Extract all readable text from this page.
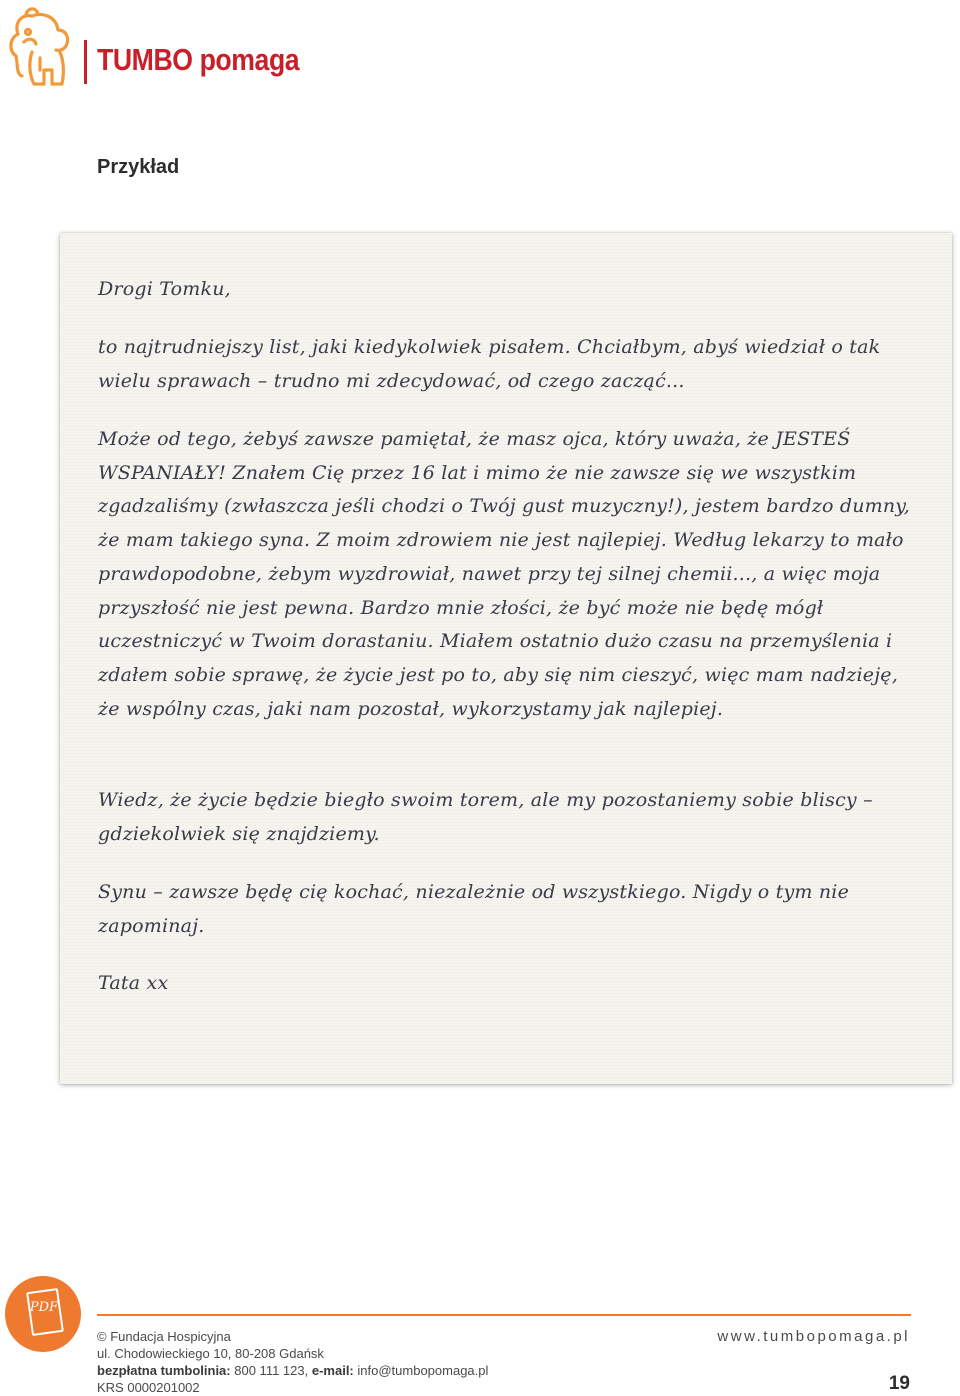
TUMBO pomaga
Przykład
Drogi Tomku,
to najtrudniejszy list, jaki kiedykolwiek pisałem. Chciałbym, abyś wiedział o tak wielu sprawach – trudno mi zdecydować, od czego zacząć...
Może od tego, żebyś zawsze pamiętał, że masz ojca, który uważa, że JESTEŚ WSPANIAŁY! Znałem Cię przez 16 lat i mimo że nie zawsze się we wszystkim zgadzaliśmy (zwłaszcza jeśli chodzi o Twój gust muzyczny!), jestem bardzo dumny, że mam takiego syna. Z moim zdrowiem nie jest najlepiej. Według lekarzy to mało prawdopodobne, żebym wyzdrowiał, nawet przy tej silnej chemii..., a więc moja przyszłość nie jest pewna. Bardzo mnie złości, że być może nie będę mógł uczestniczyć w Twoim dorastaniu. Miałem ostatnio dużo czasu na przemyślenia i zdałem sobie sprawę, że życie jest po to, aby się nim cieszyć, więc mam nadzieję, że wspólny czas, jaki nam pozostał, wykorzystamy jak najlepiej.
Wiedz, że życie będzie biegło swoim torem, ale my pozostaniemy sobie bliscy – gdziekolwiek się znajdziemy.
Synu – zawsze będę cię kochać, niezależnie od wszystkiego. Nigdy o tym nie zapominaj.
Tata xx
PDF
© Fundacja Hospicyjna
ul. Chodowieckiego 10, 80-208 Gdańsk
bezpłatna tumbolinia: 800 111 123, e-mail: info@tumbopomaga.pl
KRS 0000201002
www.tumbopomaga.pl
19
